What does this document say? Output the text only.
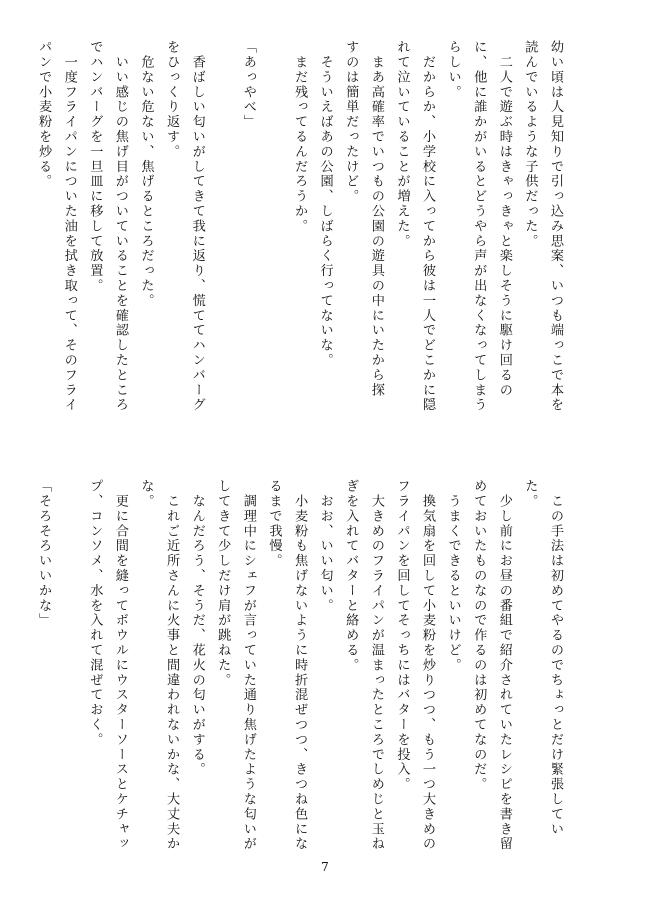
幼い頃は人見知りで引っ込み思案、いつも端っこで本を
読んでいるような子供だった。
　二人で遊ぶ時はきゃっきゃと楽しそうに駆け回るの
に、他に誰かがいるとどうやら声が出なくなってしまう
らしい。
　だからか、小学校に入ってから彼は一人でどこかに隠
れて泣いていることが増えた。
　まあ高確率でいつもの公園の遊具の中にいたから探
すのは簡単だったけど。
　そういえばあの公園、しばらく行ってないな。
　まだ残ってるんだろうか。

「あっやべ」

　香ばしい匂いがしてきて我に返り、慌ててハンバーグ
をひっくり返す。
　危ない危ない、焦げるところだった。
　いい感じの焦げ目がついていることを確認したところ
でハンバーグを一旦皿に移して放置。
　一度フライパンについた油を拭き取って、そのフライ
パンで小麦粉を炒る。
　この手法は初めてやるのでちょっとだけ緊張してい
た。
　少し前にお昼の番組で紹介されていたレシピを書き留
めておいたものなので作るのは初めてなのだ。
　うまくできるといいけど。
　換気扇を回して小麦粉を炒りつつ、もう一つ大きめの
フライパンを回してそっちにはバターを投入。
　大きめのフライパンが温まったところでしめじと玉ね
ぎを入れてバターと絡める。
　おお、いい匂い。
　小麦粉も焦げないように時折混ぜつつ、きつね色にな
るまで我慢。
　調理中にシェフが言っていた通り焦げたような匂いが
してきて少しだけ肩が跳ねた。
　なんだろう、そうだ、花火の匂いがする。
　これご近所さんに火事と間違われないかな、大丈夫か
な。
　更に合間を縫ってボウルにウスターソースとケチャッ
プ、コンソメ、水を入れて混ぜておく。

「そろそろいいかな」
7
